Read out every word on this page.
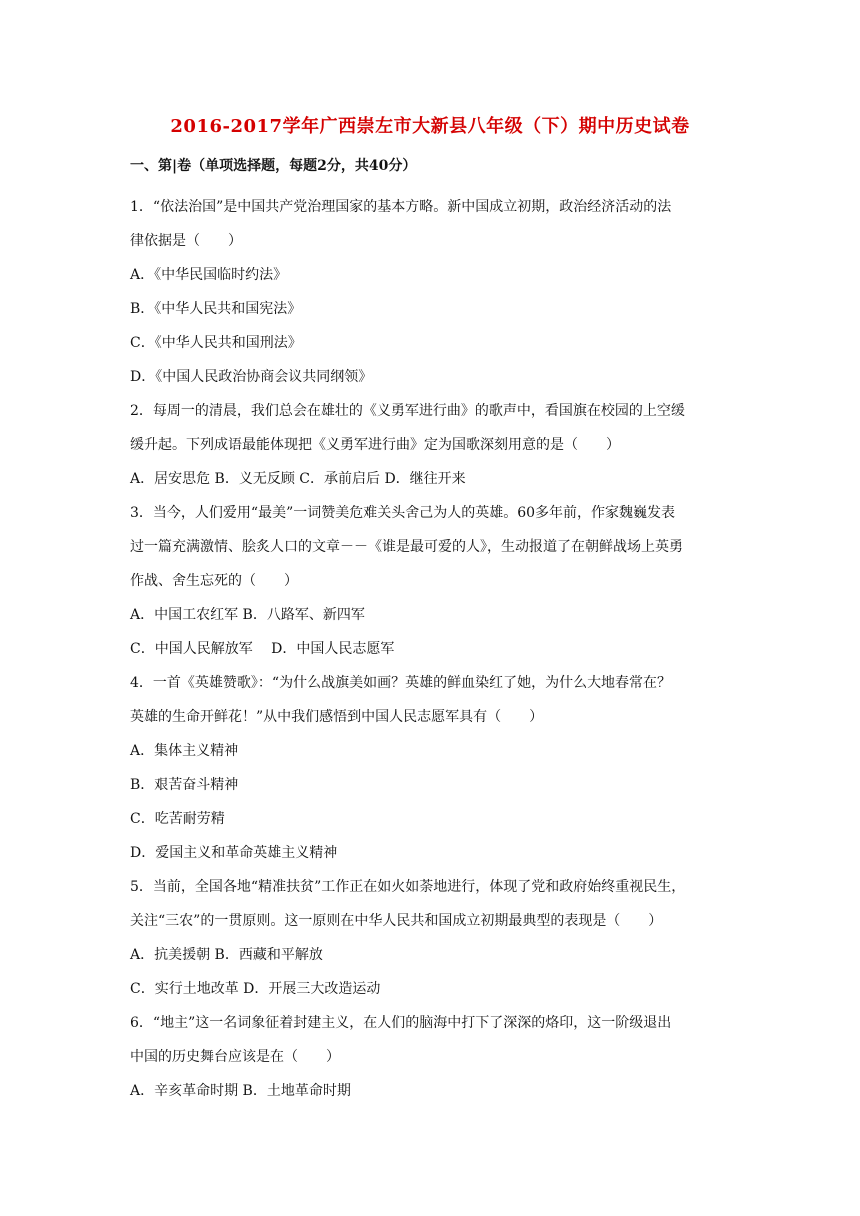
2016-2017学年广西崇左市大新县八年级（下）期中历史试卷
一、第|卷（单项选择题，每题2分，共40分）
1．“依法治国”是中国共产党治理国家的基本方略。新中国成立初期，政治经济活动的法
律依据是（　　）
A．《中华民国临时约法》
B．《中华人民共和国宪法》
C．《中华人民共和国刑法》
D．《中国人民政治协商会议共同纲领》
2．每周一的清晨，我们总会在雄壮的《义勇军进行曲》的歌声中，看国旗在校园的上空缓
缓升起。下列成语最能体现把《义勇军进行曲》定为国歌深刻用意的是（　　）
A．居安思危 B．义无反顾 C．承前启后 D．继往开来
3．当今，人们爱用“最美”一词赞美危难关头舍己为人的英雄。60多年前，作家魏巍发表
过一篇充满激情、脍炙人口的文章－－《谁是最可爱的人》，生动报道了在朝鲜战场上英勇
作战、舍生忘死的（　　）
A．中国工农红军 B．八路军、新四军
C．中国人民解放军　 D．中国人民志愿军
4．一首《英雄赞歌》：“为什么战旗美如画？英雄的鲜血染红了她，为什么大地春常在？
英雄的生命开鲜花！”从中我们感悟到中国人民志愿军具有（　　）
A．集体主义精神
B．艰苦奋斗精神
C．吃苦耐劳精
D．爱国主义和革命英雄主义精神
5．当前，全国各地“精准扶贫”工作正在如火如荼地进行，体现了党和政府始终重视民生，
关注“三农”的一贯原则。这一原则在中华人民共和国成立初期最典型的表现是（　　）
A．抗美援朝 B．西藏和平解放
C．实行土地改革 D．开展三大改造运动
6．“地主”这一名词象征着封建主义，在人们的脑海中打下了深深的烙印，这一阶级退出
中国的历史舞台应该是在（　　）
A．辛亥革命时期 B．土地革命时期
